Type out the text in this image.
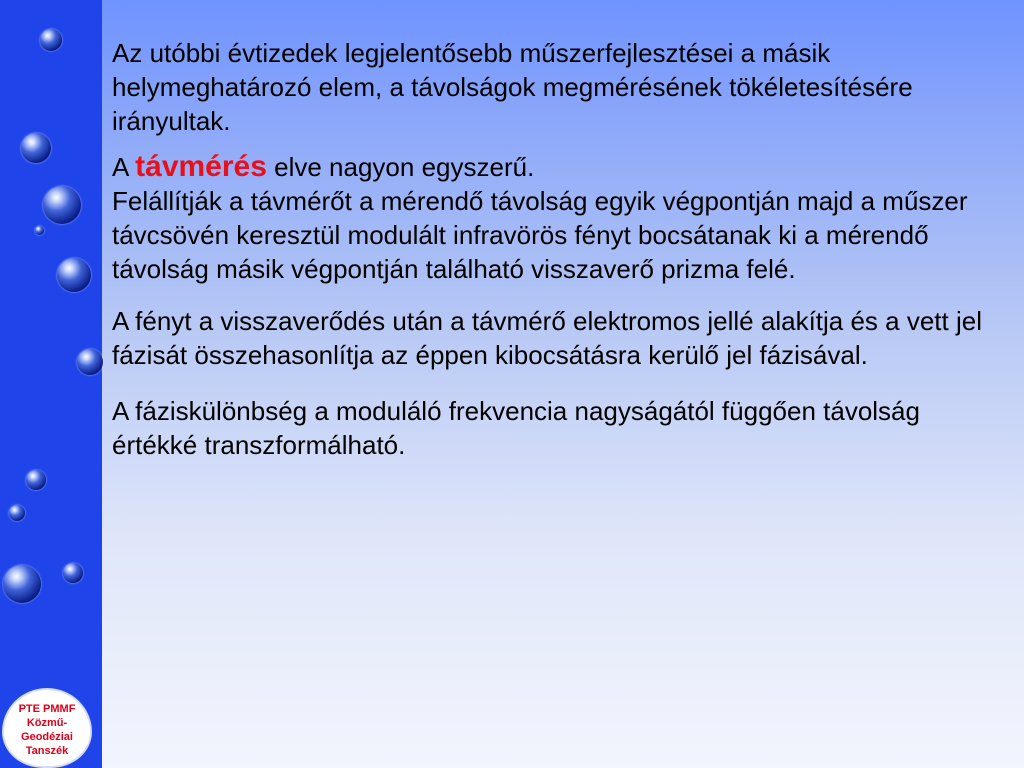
PTE PMMF
Közmű-
Geodéziai
Tanszék

Az utóbbi évtizedek legjelentősebb műszerfejlesztései a másik helymeghatározó elem, a távolságok megmérésének tökéletesítésére irányultak.

A távmérés elve nagyon egyszerű.

Felállítják a távmérőt a mérendő távolság egyik végpontján majd a műszer távcsövén keresztül modulált infravörös fényt bocsátanak ki a mérendő távolság másik végpontján található visszaverő prizma felé.

A fényt a visszaverődés után a távmérő elektromos jellé alakítja és a vett jel fázisát összehasonlítja az éppen kibocsátásra kerülő jel fázisával.

A fáziskülönbség a moduláló frekvencia nagyságától függően távolság értékké transzformálható.
